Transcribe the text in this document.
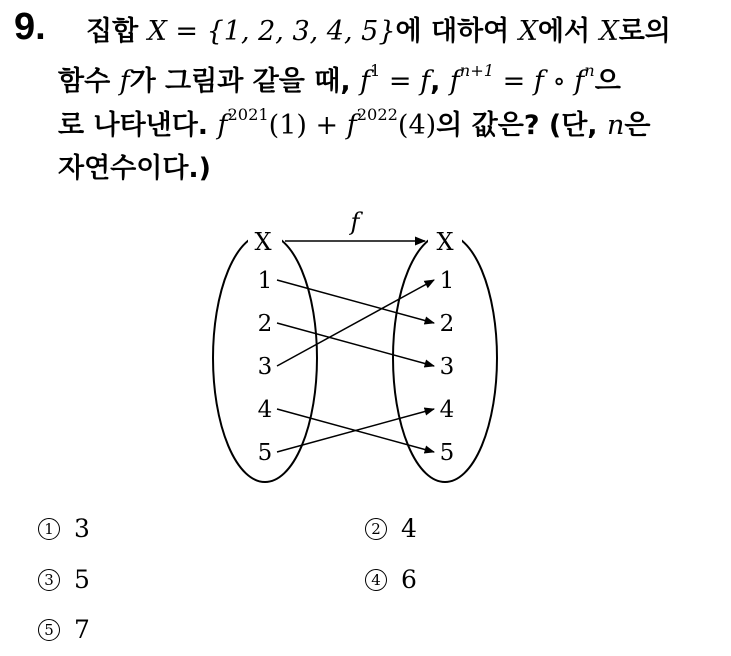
9. 집합 X = {1, 2, 3, 4, 5}에 대하여 X에서 X로의
함수 f가 그림과 같을 때, $f^1 = f$, $f^{n+1} = f$ ∘ $f^n$으
로 나타낸다. $f^{2021}(1) + f^{2022}(4)$의 값은? (단, n은
자연수이다.)
X	X
f
1
2
3
4
5
1
2
3
4
5
1 3	2 4
3 5	4 6
5 7
